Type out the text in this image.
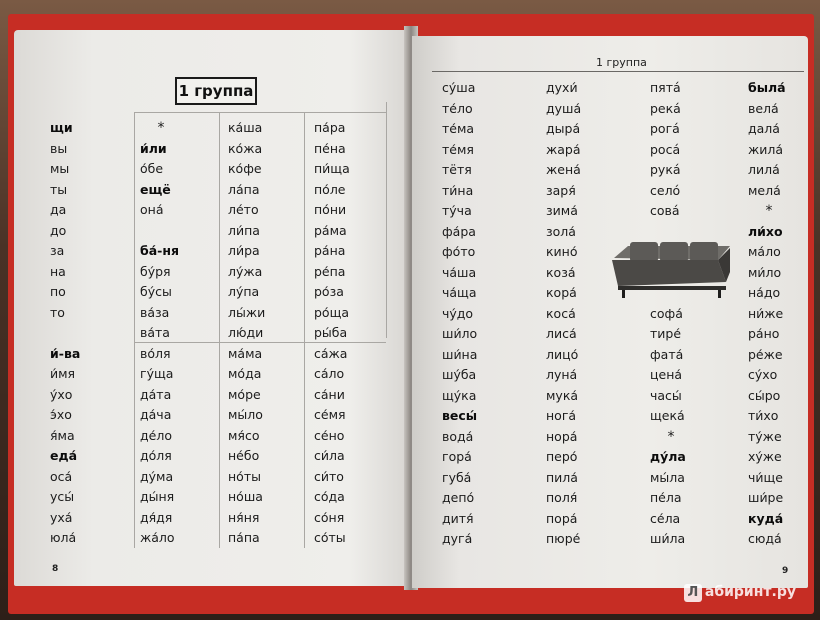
1 группа
щи
вы
мы
ты
да
до
за
на
по
то

и́-ва
и́мя
у́хо
э́хо
я́ма
еда́
оса́
усы́
уха́
юла́
*
и́ли
о́бе
ещё
она́

ба́-ня
бу́ря
бу́сы
ва́за
ва́та
во́ля
гу́ща
да́та
да́ча
де́ло
до́ля
ду́ма
ды́ня
дя́дя
жа́ло
ка́ша
ко́жа
ко́фе
ла́па
ле́то
ли́па
ли́ра
лу́жа
лу́па
лы́жи
лю́ди
ма́ма
мо́да
мо́ре
мы́ло
мя́со
не́бо
но́ты
но́ша
ня́ня
па́па
па́ра
пе́на
пи́ща
по́ле
по́ни
ра́ма
ра́на
ре́па
ро́за
ро́ща
ры́ба
са́жа
са́ло
са́ни
се́мя
се́но
си́ла
си́то
со́да
со́ня
со́ты
8
1 группа
су́ша
те́ло
те́ма
те́мя
тётя
ти́на
ту́ча
фа́ра
фо́то
ча́ша
ча́ща
чу́до
ши́ло
ши́на
шу́ба
щу́ка
весы́
вода́
гора́
губа́
депо́
дитя́
дуга́
духи́
душа́
дыра́
жара́
жена́
заря́
зима́
зола́
кино́
коза́
кора́
коса́
лиса́
лицо́
луна́
мука́
нога́
нора́
перо́
пила́
поля́
пора́
пюре́
пятá
рекá
рогá
росá
рукá
селó
совá

софа́
тире́
фата́
цена́
часы́
щека́
*
ду́ла
мы́ла
пе́ла
се́ла
ши́ла
была́
вела́
дала́
жила́
лила́
мела́
*
ли́хо
ма́ло
ми́ло
на́до
ни́же
ра́но
ре́же
су́хо
сы́ро
ти́хо
ту́же
ху́же
чи́ще
ши́ре
куда́
сюда́
9
Л абиринт.ру
